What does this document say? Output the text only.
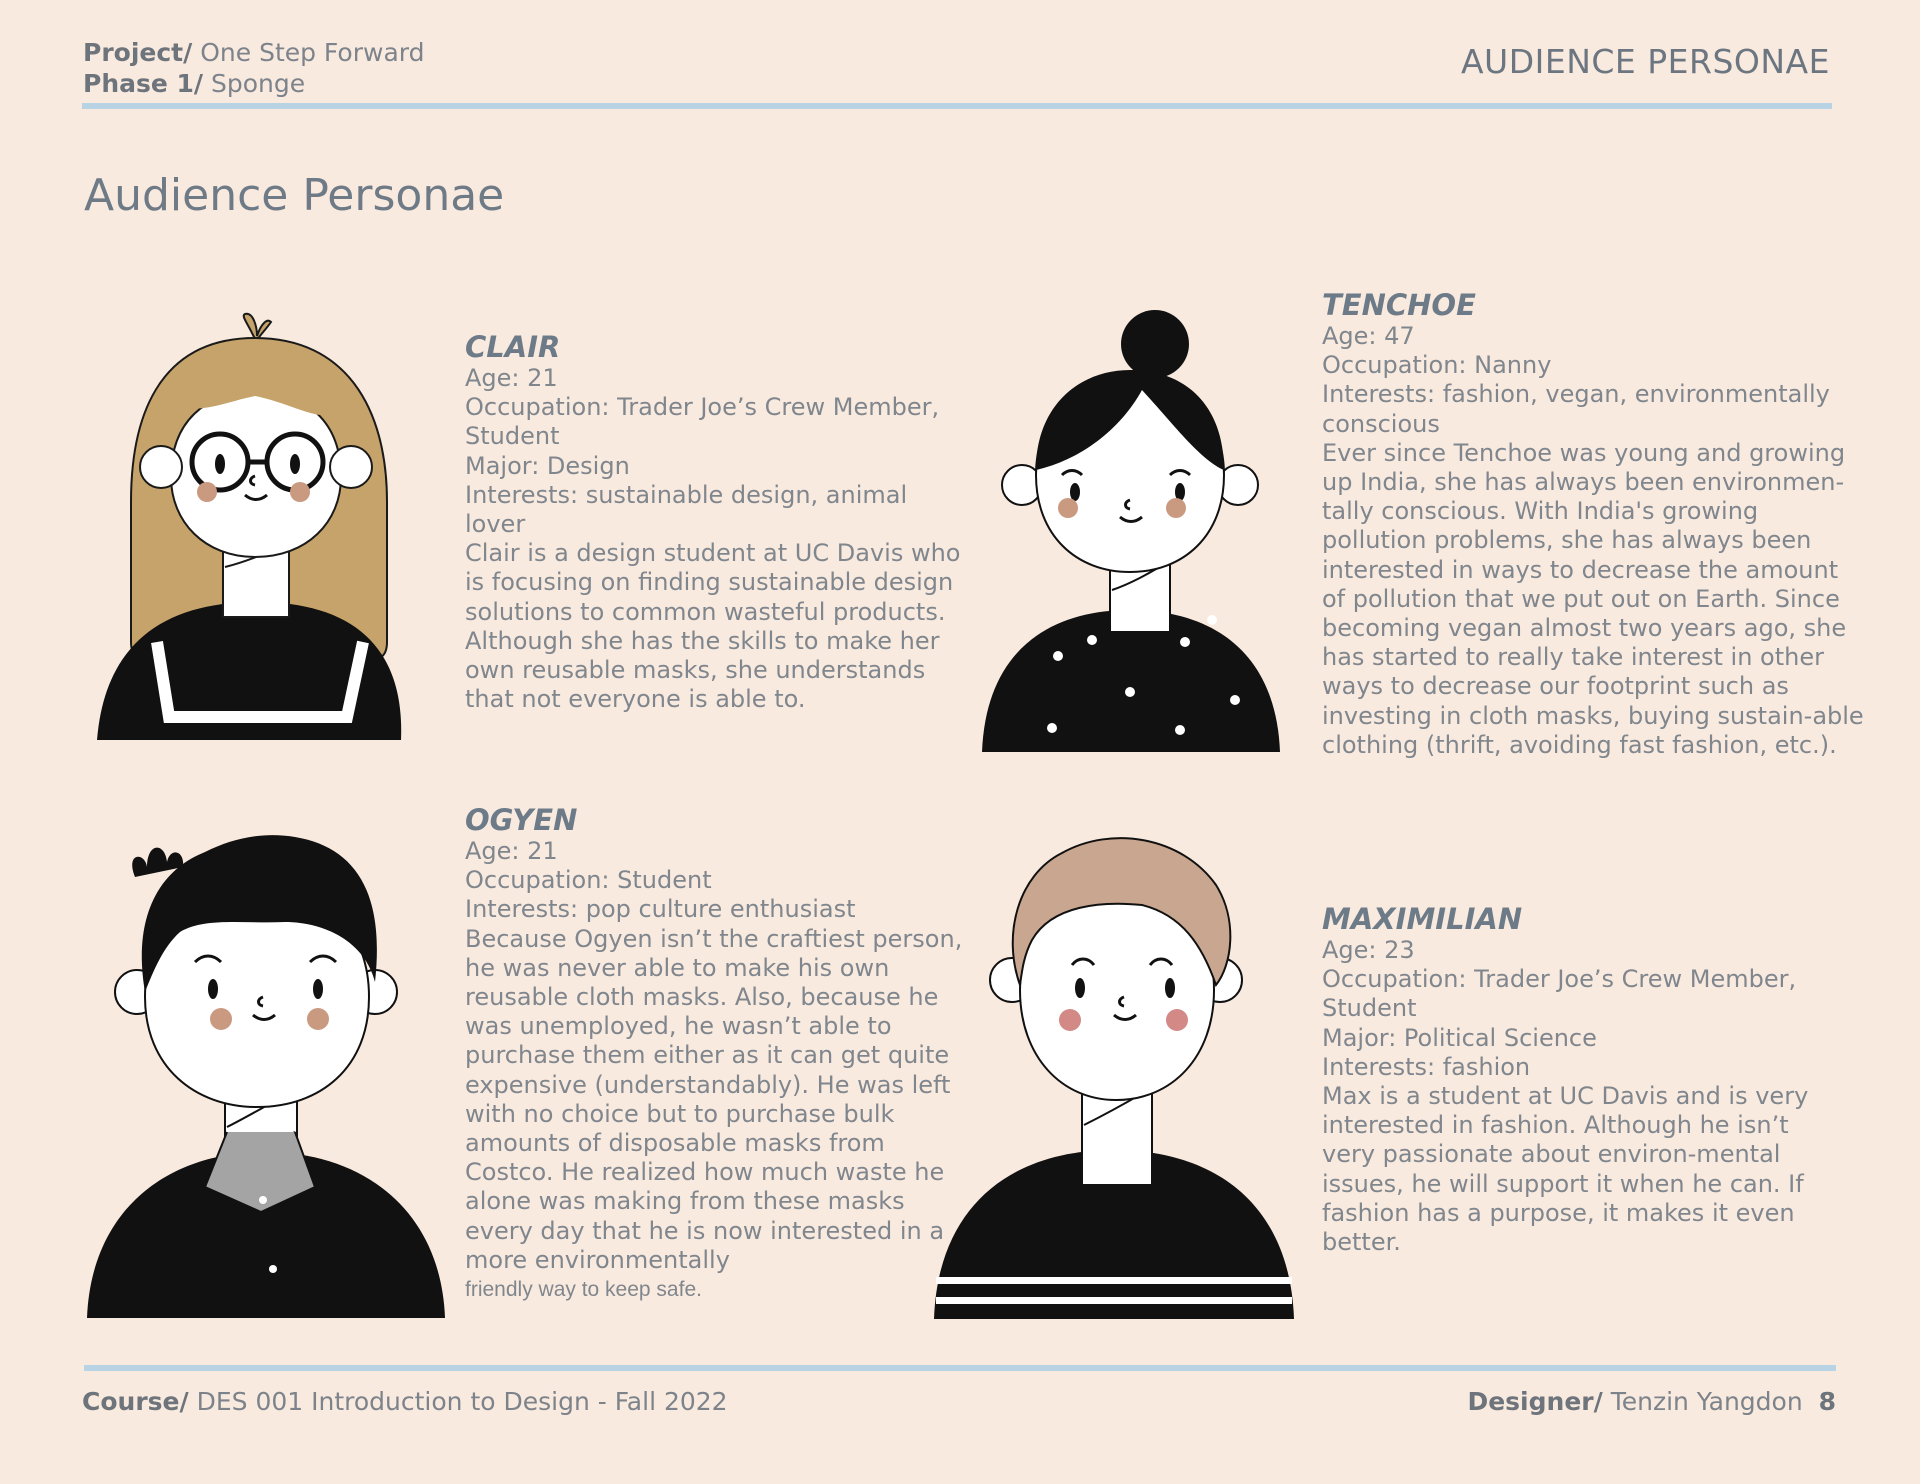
Project/ One Step Forward
Phase 1/ Sponge
AUDIENCE PERSONAE
Audience Personae
CLAIR

Age: 21

Occupation: Trader Joe’s Crew Member, Student

Major: Design

Interests: sustainable design, animal lover

Clair is a design student at UC Davis who is focusing on finding sustainable design solutions to common wasteful products. Although she has the skills to make her own reusable masks, she understands that not everyone is able to.

TENCHOE

Age: 47

Occupation: Nanny

Interests: fashion, vegan, environmentally conscious

Ever since Tenchoe was young and growing up India, she has always been environmen-tally conscious. With India's growing pollution problems, she has always been interested in ways to decrease the amount of pollution that we put out on Earth. Since becoming vegan almost two years ago, she has started to really take interest in other ways to decrease our footprint such as investing in cloth masks, buying sustain-able clothing (thrift, avoiding fast fashion, etc.).

OGYEN

Age: 21

Occupation: Student

Interests: pop culture enthusiast

Because Ogyen isn’t the craftiest person, he was never able to make his own reusable cloth masks. Also, because he was unemployed, he wasn’t able to purchase them either as it can get quite expensive (understandably). He was left with no choice but to purchase bulk amounts of disposable masks from Costco. He realized how much waste he alone was making from these masks every day that he is now interested in a more environmentally

friendly way to keep safe.

MAXIMILIAN

Age: 23

Occupation: Trader Joe’s Crew Member, Student

Major: Political Science

Interests: fashion

Max is a student at UC Davis and is very interested in fashion. Although he isn’t very passionate about environ-mental issues, he will support it when he can. If fashion has a purpose, it makes it even better.

Course/ DES 001 Introduction to Design - Fall 2022	Designer/ Tenzin Yangdon 8
